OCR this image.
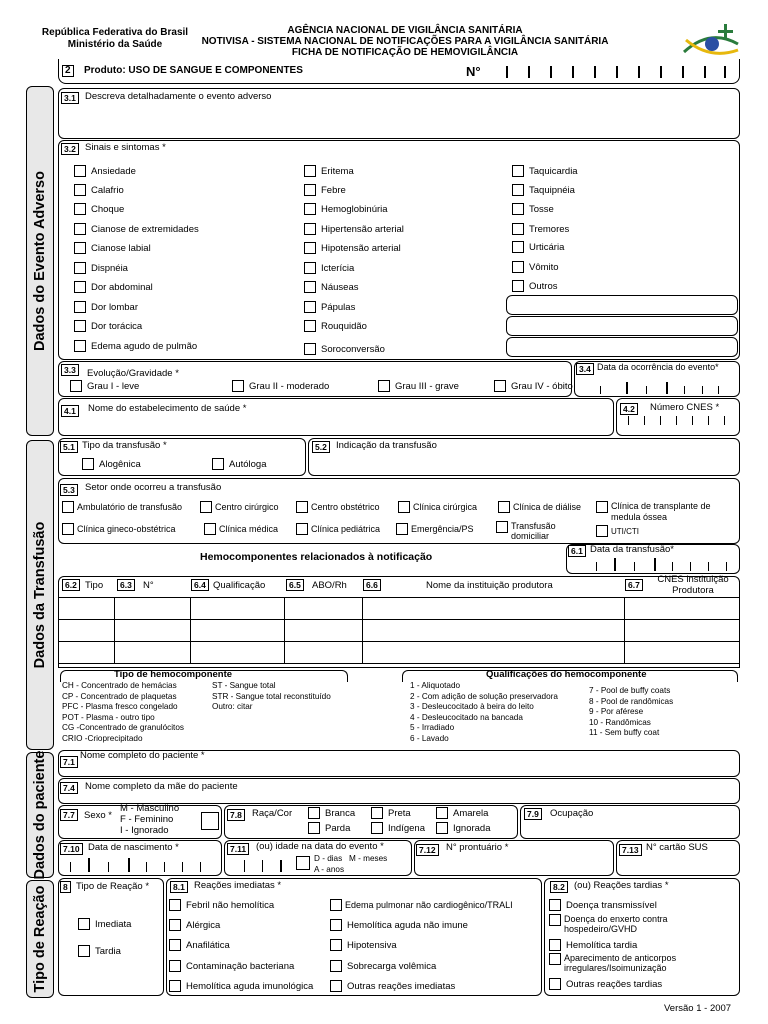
República Federativa do Brasil
Ministério da Saúde
AGÊNCIA NACIONAL DE VIGILÂNCIA SANITÁRIA
NOTIVISA - SISTEMA NACIONAL DE NOTIFICAÇÕES PARA A VIGILÂNCIA SANITÁRIA
FICHA DE NOTIFICAÇÃO DE HEMOVIGILÂNCIA
2	Produto: USO DE SANGUE E COMPONENTES	N°
Dados do Evento Adverso
Dados da Transfusão
Dados do paciente
Tipo de Reação
3.1 Descreva detalhadamente o evento adverso
3.2 Sinais e sintomas *
Ansiedade
Calafrio
Choque
Cianose de extremidades
Cianose labial
Dispnéia
Dor abdominal
Dor lombar
Dor torácica
Edema agudo de pulmão
Eritema
Febre
Hemoglobinúria
Hipertensão arterial
Hipotensão arterial
Icterícia
Náuseas
Pápulas
Rouquidão
Soroconversão
Taquicardia
Taquipnéia
Tosse
Tremores
Urticária
Vômito
Outros
3.3	Evolução/Gravidade *
Grau I - leve	Grau II - moderado	Grau III - grave	Grau IV - óbito
3.4 Data da ocorrência do evento*
4.1	Nome do estabelecimento de saúde *	4.2	Número CNES *
5.1 Tipo da transfusão *
Alogênica	Autóloga
5.2 Indicação da transfusão
5.3	Setor onde ocorreu a transfusão
Ambulatório de transfusão	Centro cirúrgico	Centro obstétrico	Clínica cirúrgica	Clínica de diálise	Clínica de transplante de medula óssea
Clínica gineco-obstétrica	Clínica médica	Clínica pediátrica	Emergência/PS	Transfusão domiciliar	UTI/CTI
Hemocomponentes relacionados à notificação	6.1 Data da transfusão*
6.2 Tipo	6.3	N°	6.4 Qualificação	6.5	ABO/Rh	6.6	Nome da instituição produtora	6.7	CNES instituição Produtora

Tipo de hemocomponente
CH - Concentrado de hemácias
CP - Concentrado de plaquetas
PFC - Plasma fresco congelado
POT - Plasma - outro tipo
CG -Concentrado de granulócitos
CRIO -Crioprecipitado
ST - Sangue total
STR - Sangue total reconstituído
Outro: citar
Qualificações do hemocomponente
1 - Aliquotado
2 - Com adição de solução preservadora
3 - Desleucocitado à beira do leito
4 - Desleucocitado na bancada
5 - Irradiado
6 - Lavado
7 - Pool de buffy coats
8 - Pool de randômicas
9 - Por aférese
10 - Randômicas
11 - Sem buffy coat
7.1
Nome completo do paciente *
7.4	Nome completo da mãe do paciente
7.7 Sexo *
M - Masculino
F - Feminino
I - Ignorado
7.8	Raça/Cor	Branca	Preta	Amarela
Parda	Indígena	Ignorada
7.9	Ocupação
7.10 Data de nascimento *	7.11	(ou) idade na data do evento *
D - dias M - meses
A - anos
7.12	N° prontuário *	7.13 N° cartão SUS
8 Tipo de Reação *
Imediata
Tardia
8.1 Reações imediatas *
Febril não hemolítica
Alérgica
Anafilática
Contaminação bacteriana
Hemolítica aguda imunológica
Edema pulmonar não cardiogênico/TRALI
Hemolítica aguda não imune
Hipotensiva
Sobrecarga volêmica
Outras reações imediatas
8.2 (ou) Reações tardias *
Doença transmissível
Doença do enxerto contra hospedeiro/GVHD
Hemolítica tardia
Aparecimento de anticorpos irregulares/Isoimunização
Outras reações tardias
Versão 1 - 2007
